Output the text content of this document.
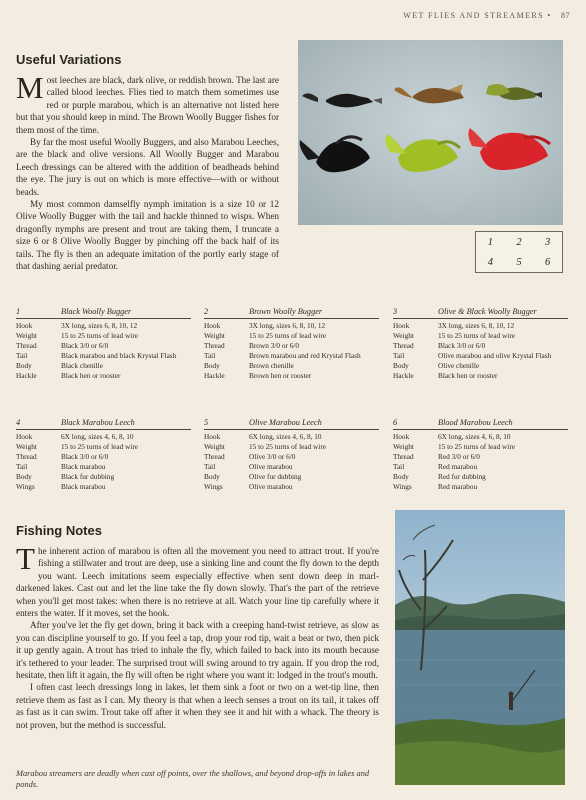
WET FLIES AND STREAMERS • 87
Useful Variations

Most leeches are black, dark olive, or reddish brown. The last are called blood leeches. Flies tied to match them sometimes use red or purple marabou, which is an alternative not listed here but that you should keep in mind. The Brown Woolly Bugger fishes for them most of the time.

By far the most useful Woolly Buggers, and also Marabou Leeches, are the black and olive versions. All Woolly Bugger and Marabou Leech dressings can be altered with the addition of beadheads behind the eye. The jury is out on which is more effective—with or without beads.

My most common damselfly nymph imitation is a size 10 or 12 Olive Woolly Bugger with the tail and hackle thinned to wisps. When dragonfly nymphs are present and trout are taking them, I truncate a size 6 or 8 Olive Woolly Bugger by pinching off the back half of its tails. The fly is then an adequate imitation of the portly early stage of that dashing aerial predator.

1 2 3
4 5 6
1	Black Woolly Bugger
Hook	3X long, sizes 6, 8, 10, 12
Weight	15 to 25 turns of lead wire
Thread	Black 3/0 or 6/0
Tail	Black marabou and black Krystal Flash
Body	Black chenille
Hackle	Black hen or rooster
2	Brown Woolly Bugger
Hook	3X long, sizes 6, 8, 10, 12
Weight	15 to 25 turns of lead wire
Thread	Brown 3/0 or 6/0
Tail	Brown marabou and red Krystal Flash
Body	Brown chenille
Hackle	Brown hen or rooster
3	Olive & Black Woolly Bugger
Hook	3X long, sizes 6, 8, 10, 12
Weight	15 to 25 turns of lead wire
Thread	Black 3/0 or 6/0
Tail	Olive marabou and olive Krystal Flash
Body	Olive chenille
Hackle	Black hen or rooster
4	Black Marabou Leech
Hook	6X long, sizes 4, 6, 8, 10
Weight	15 to 25 turns of lead wire
Thread	Black 3/0 or 6/0
Tail	Black marabou
Body	Black fur dubbing
Wings	Black marabou
5	Olive Marabou Leech
Hook	6X long, sizes 4, 6, 8, 10
Weight	15 to 25 turns of lead wire
Thread	Olive 3/0 or 6/0
Tail	Olive marabou
Body	Olive fur dubbing
Wings	Olive marabou
6	Blood Marabou Leech
Hook	6X long, sizes 4, 6, 8, 10
Weight	15 to 25 turns of lead wire
Thread	Red 3/0 or 6/0
Tail	Red marabou
Body	Red fur dubbing
Wings	Red marabou
Fishing Notes

The inherent action of marabou is often all the movement you need to attract trout. If you're fishing a stillwater and trout are deep, use a sinking line and count the fly down to the depth you want. Leech imitations seem especially effective when sent down deep in marl-darkened lakes. Cast out and let the line take the fly down slowly. That's the part of the retrieve when you'll get most takes: when there is no retrieve at all. Watch your line tip carefully where it enters the water. If it moves, set the hook.

After you've let the fly get down, bring it back with a creeping hand-twist retrieve, as slow as you can discipline yourself to go. If you feel a tap, drop your rod tip, wait a beat or two, then pick it up gently again. A trout has tried to inhale the fly, which failed to back into its mouth because it's tethered to your leader. The surprised trout will swing around to try again. If you drop the rod, hesitate, then lift it again, the fly will often be right where you want it: lodged in the trout's mouth.

I often cast leech dressings long in lakes, let them sink a foot or two on a wet-tip line, then retrieve them as fast as I can. My theory is that when a leech senses a trout on its tail, it takes off as fast as it can swim. Trout take off after it when they see it and hit with a whack. The theory is not proven, but the method is successful.

Marabou streamers are deadly when cast off points, over the shallows, and beyond drop-offs in lakes and ponds.
